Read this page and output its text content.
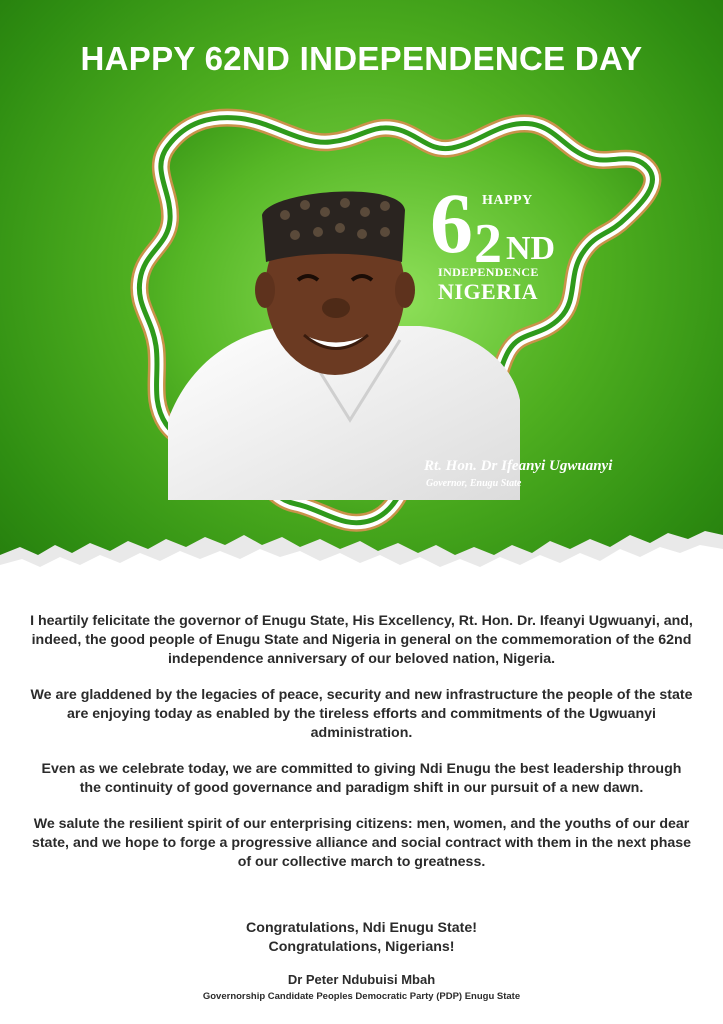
HAPPY 62ND INDEPENDENCE DAY
6 2
HAPPY
ND
INDEPENDENCE
NIGERIA
Rt. Hon. Dr Ifeanyi Ugwuanyi
Governor, Enugu State

I heartily felicitate the governor of Enugu State, His Excellency, Rt. Hon. Dr. Ifeanyi Ugwuanyi, and, indeed, the good people of Enugu State and Nigeria in general on the commemoration of the 62nd independence anniversary of our beloved nation, Nigeria.

We are gladdened by the legacies of peace, security and new infrastructure the people of the state are enjoying today as enabled by the tireless efforts and commitments of the Ugwuanyi administration.

Even as we celebrate today, we are committed to giving Ndi Enugu the best leadership through the continuity of good governance and paradigm shift in our pursuit of a new dawn.

We salute the resilient spirit of our enterprising citizens: men, women, and the youths of our dear state, and we hope to forge a progressive alliance and social contract with them in the next phase of our collective march to greatness.

Congratulations, Ndi Enugu State!
Congratulations, Nigerians!
Dr Peter Ndubuisi Mbah
Governorship Candidate Peoples Democratic Party (PDP) Enugu State
